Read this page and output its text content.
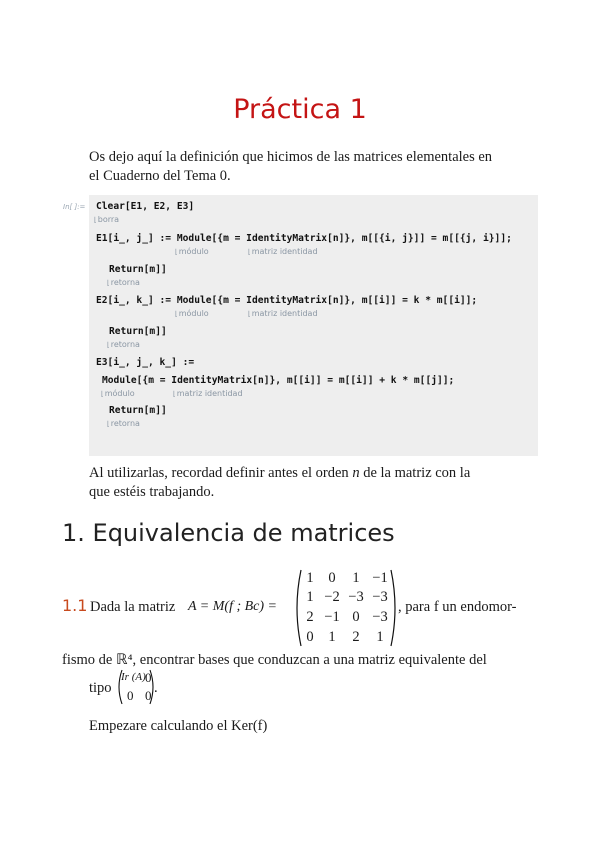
Práctica 1
Os dejo aquí la definición que hicimos de las matrices elementales en
el Cuaderno del Tema 0.
In[ ]:= Clear[E1, E2, E3]
⌊ borra
E1[i_, j_] := Module[{m = IdentityMatrix[n]}, m[[{i, j}]] = m[[{j, i}]];
⌊ módulo	⌊ matriz identidad
Return[m]]
⌊ retorna
E2[i_, k_] := Module[{m = IdentityMatrix[n]}, m[[i]] = k * m[[i]];
⌊ módulo	⌊ matriz identidad
Return[m]]
⌊ retorna
E3[i_, j_, k_] :=
Module[{m = IdentityMatrix[n]}, m[[i]] = m[[i]] + k * m[[j]];
⌊ módulo	⌊ matriz identidad
Return[m]]
⌊ retorna
Al utilizarlas, recordad definir antes el orden n de la matriz con la
que estéis trabajando.
1. Equivalencia de matrices
1.1 Dada la matriz A = M(f ; Bc) =
1	0	1 −1
1 −2 −3 −3
2 −1 0 −3
0	1	2	1
, para f un endomor-
fismo de ℝ⁴, encontrar bases que conduzcan a una matriz equivalente del
tipo
Ir (A) 0
0 0 .
Empezare calculando el Ker(f)
